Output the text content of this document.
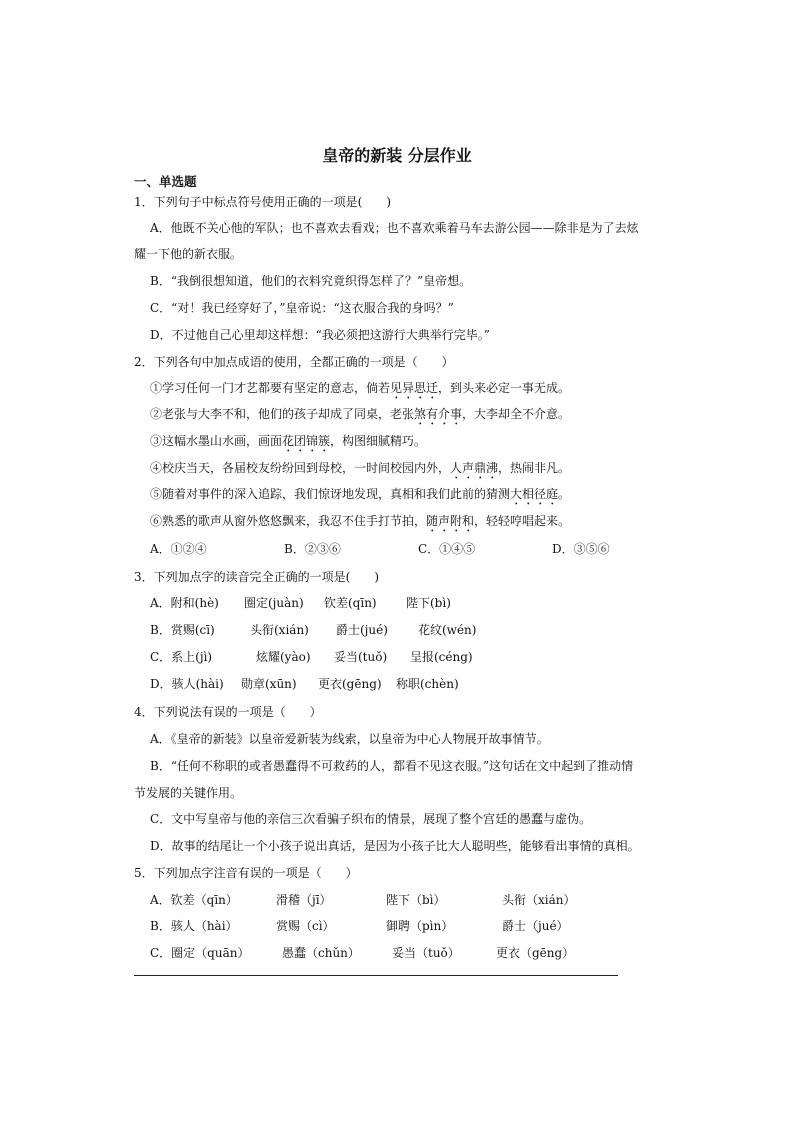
皇帝的新装 分层作业
一、单选题
1．下列句子中标点符号使用正确的一项是(　　)
A．他既不关心他的军队；也不喜欢去看戏；也不喜欢乘着马车去游公园——除非是为了去炫
耀一下他的新衣服。
B．“我倒很想知道，他们的衣料究竟织得怎样了？”皇帝想。
C．“对！我已经穿好了，”皇帝说：“这衣服合我的身吗？”
D．不过他自己心里却这样想：“我必须把这游行大典举行完毕。”
2．下列各句中加点成语的使用，全都正确的一项是（　　）
①学习任何一门才艺都要有坚定的意志，倘若见异思迁，到头来必定一事无成。
②老张与大李不和，他们的孩子却成了同桌，老张煞有介事，大李却全不介意。
③这幅水墨山水画，画面花团锦簇，构图细腻精巧。
④校庆当天，各届校友纷纷回到母校，一时间校园内外，人声鼎沸，热闹非凡。
⑤随着对事件的深入追踪，我们惊讶地发现，真相和我们此前的猜测大相径庭。
⑥熟悉的歌声从窗外悠悠飘来，我忍不住手打节拍，随声附和，轻轻哼唱起来。
A．①②④	B．②③⑥	C．①④⑤	D．③⑤⑥
3．下列加点字的读音完全正确的一项是(　　)
A．附和(hè) 圈定(juàn) 钦差(qīn) 陛下(bì)
B．赏赐(cī)	头衔(xián) 爵士(jué)	花纹(wén)
C．系上(jì)	炫耀(yào) 妥当(tuǒ) 呈报(céng)
D．骇人(hài) 勋章(xūn) 更衣(gēng) 称职(chèn)
4．下列说法有误的一项是（　　）
A．《皇帝的新装》以皇帝爱新装为线索，以皇帝为中心人物展开故事情节。
B．“任何不称职的或者愚蠢得不可救药的人，都看不见这衣服。”这句话在文中起到了推动情
节发展的关键作用。
C．文中写皇帝与他的亲信三次看骗子织布的情景，展现了整个宫廷的愚蠢与虚伪。
D．故事的结尾让一个小孩子说出真话，是因为小孩子比大人聪明些，能够看出事情的真相。
5．下列加点字注音有误的一项是（　　）
A．钦差（qīn）	滑稽（jī）	陛下（bì）	头衔（xián）
B．骇人（hài）	赏赐（cì）	御聘（pìn）	爵士（jué）
C．圈定（quān）	愚蠢（chǔn）	妥当（tuǒ）	更衣（gēng）
